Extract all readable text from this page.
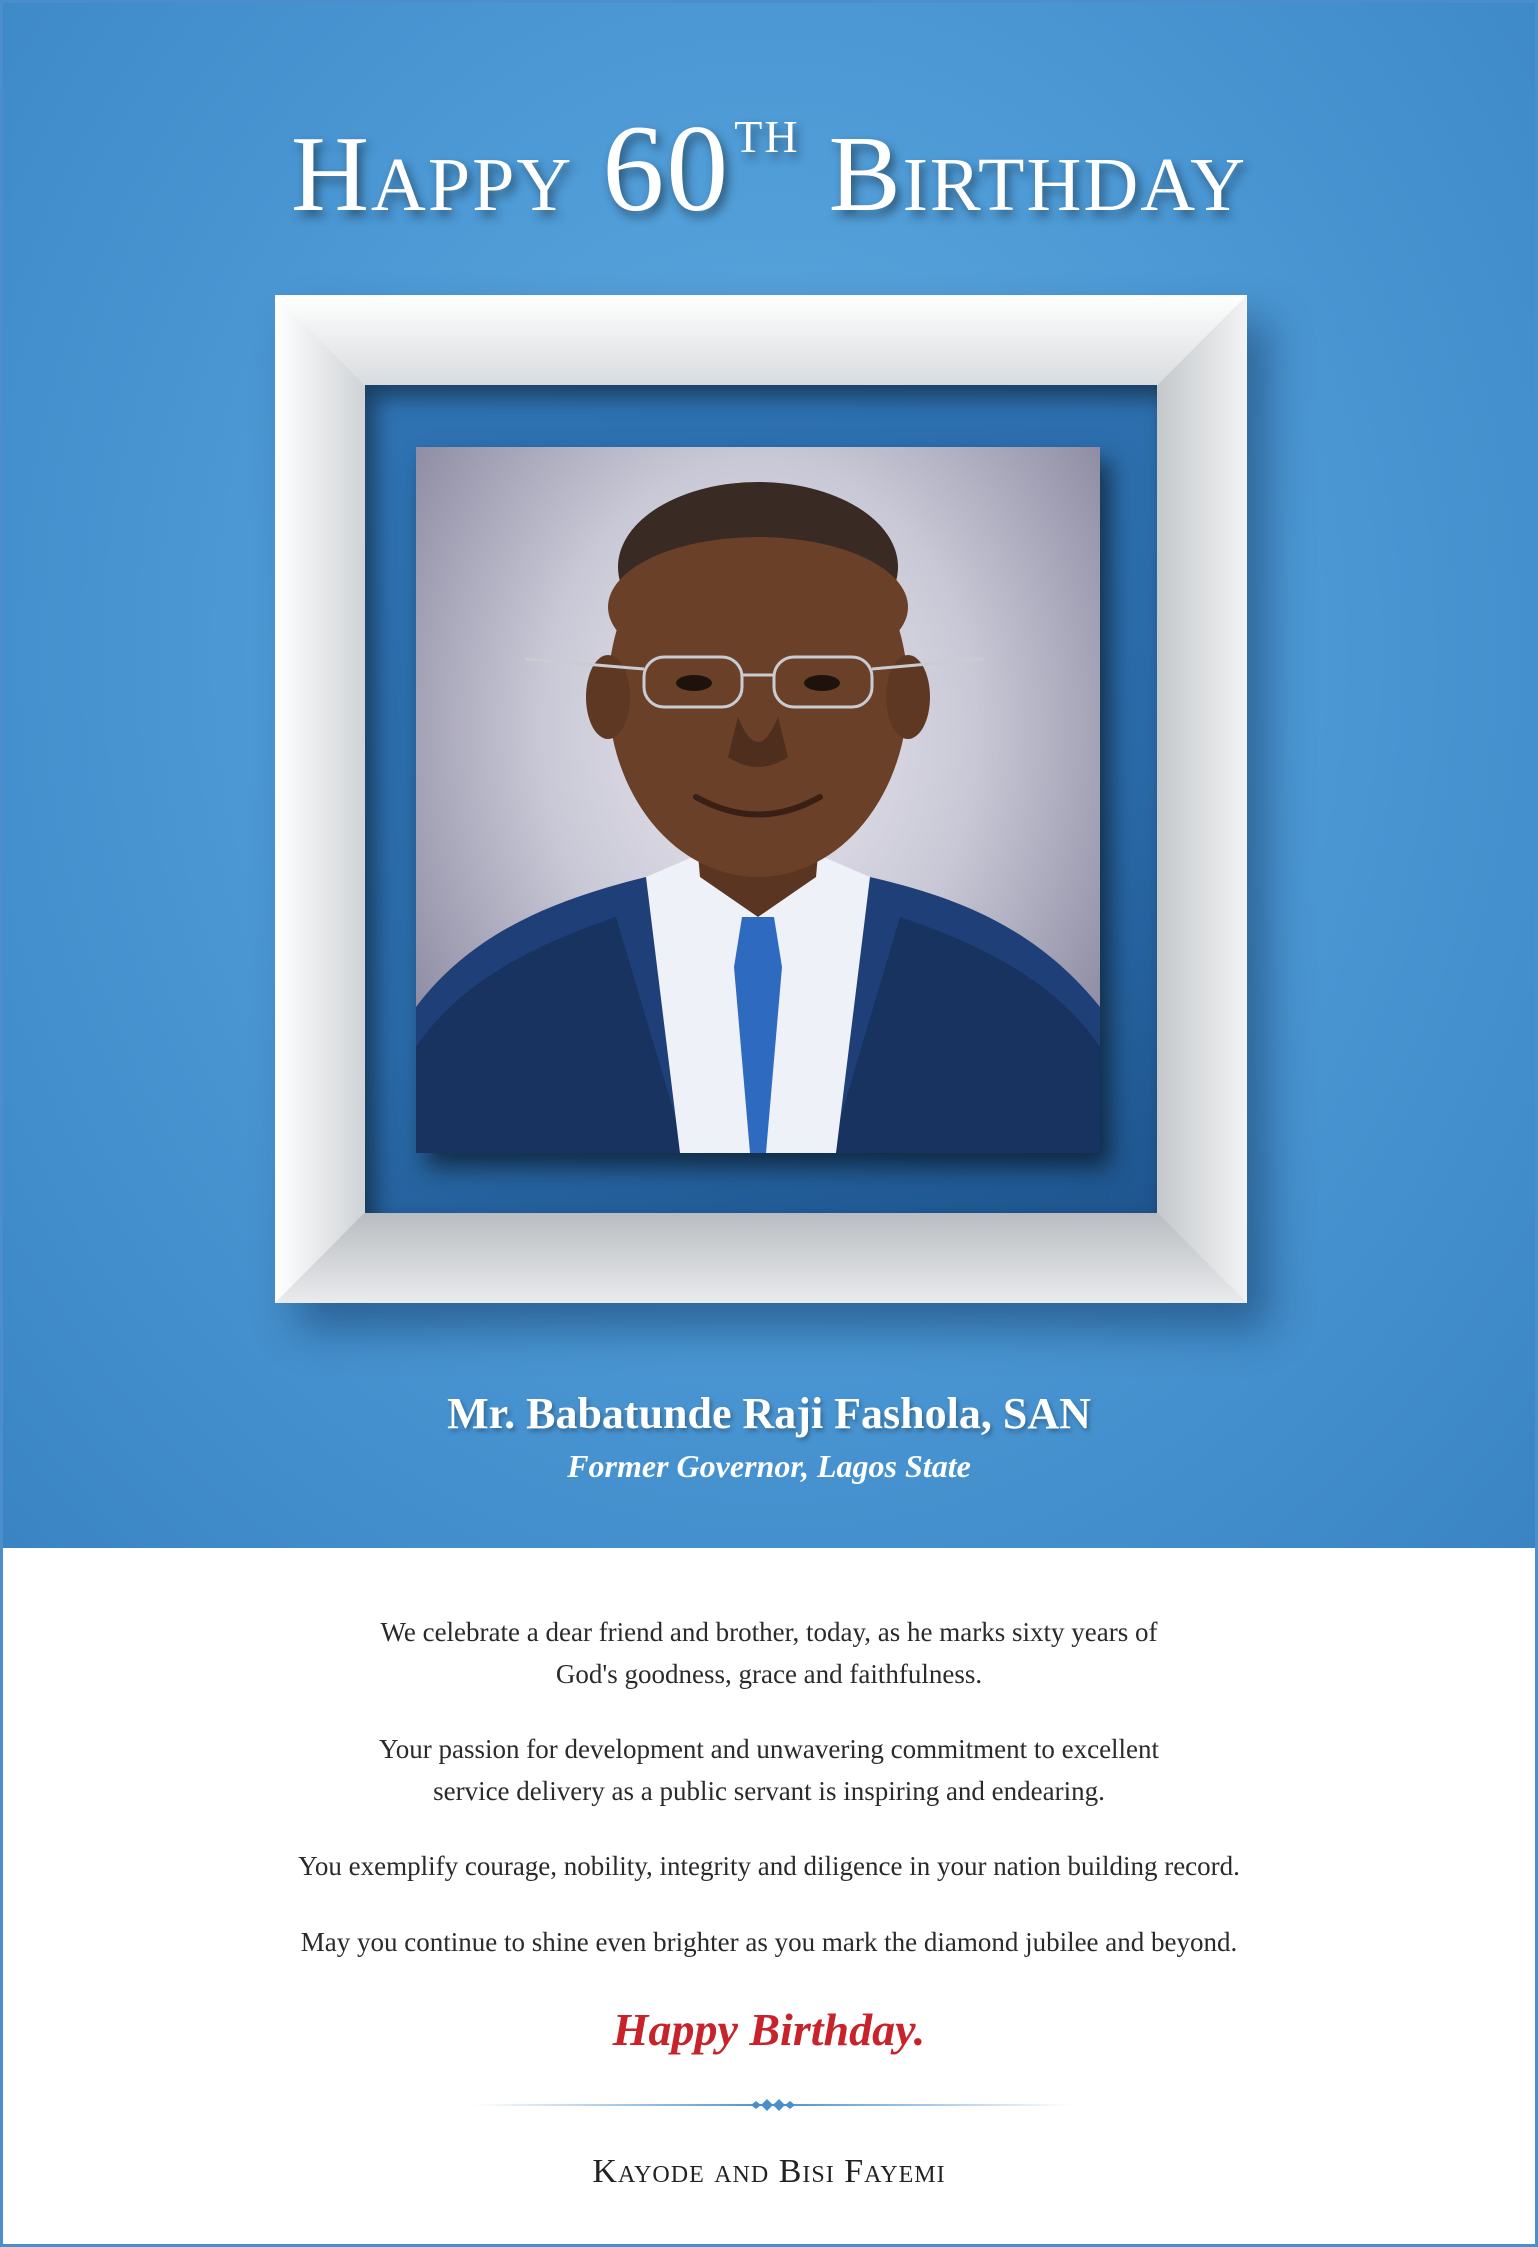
Happy 60TH Birthday
Mr. Babatunde Raji Fashola, SAN
Former Governor, Lagos State
We celebrate a dear friend and brother, today, as he marks sixty years of
God's goodness, grace and faithfulness.
Your passion for development and unwavering commitment to excellent
service delivery as a public servant is inspiring and endearing.
You exemplify courage, nobility, integrity and diligence in your nation building record.
May you continue to shine even brighter as you mark the diamond jubilee and beyond.
Happy Birthday.
Kayode and Bisi Fayemi
